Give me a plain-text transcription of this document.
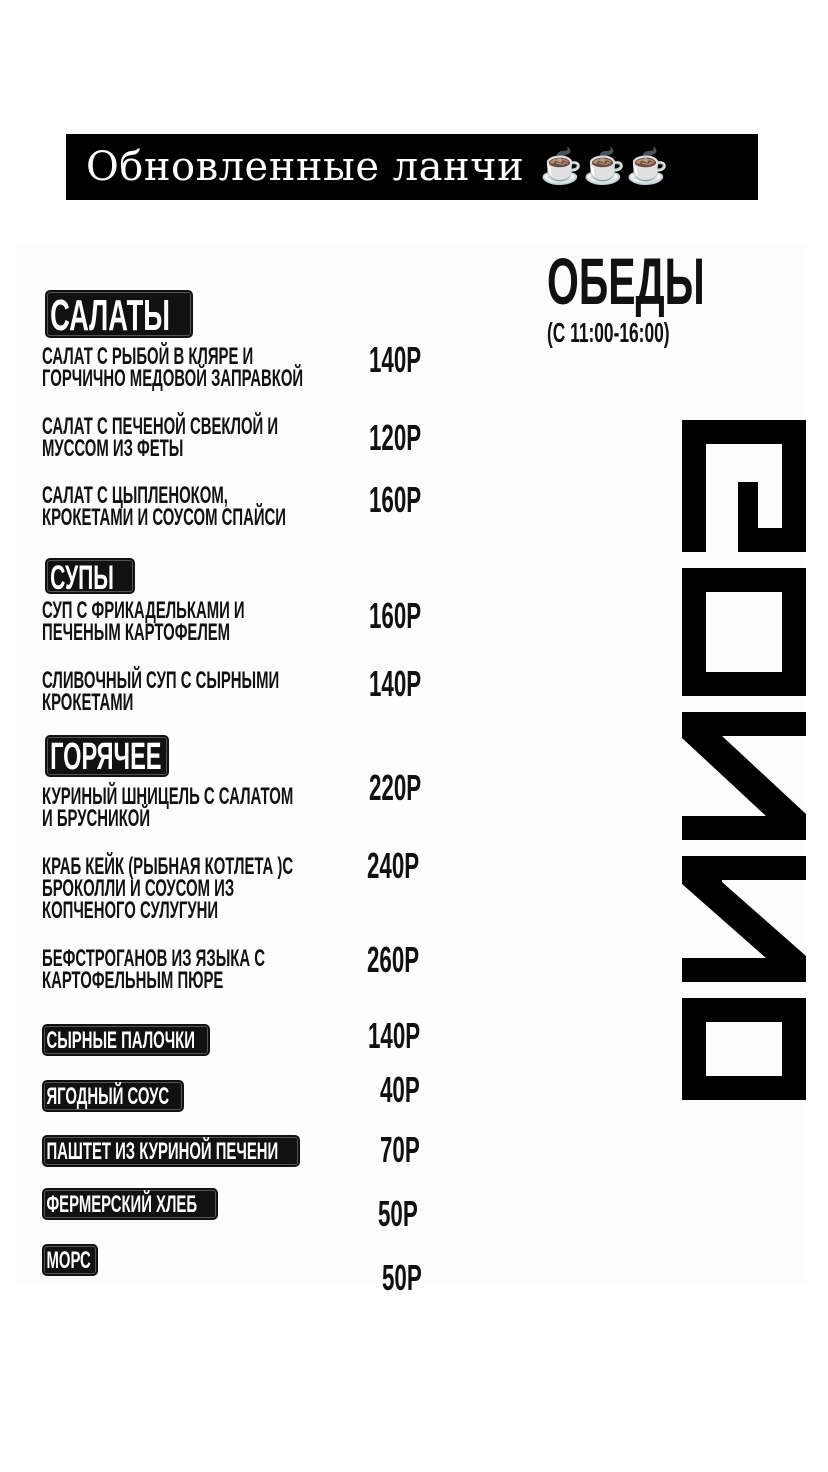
Обновленные ланчи ☕☕☕
ОБЕДЫ
(С 11:00-16:00)
САЛАТЫ
СУПЫ
ГОРЯЧЕЕ
САЛАТ С РЫБОЙ В КЛЯРЕ И
ГОРЧИЧНО МЕДОВОЙ ЗАПРАВКОЙ 140Р
САЛАТ С ПЕЧЕНОЙ СВЕКЛОЙ И
МУССОМ ИЗ ФЕТЫ	120Р
САЛАТ С ЦЫПЛЕНОКОМ,
КРОКЕТАМИ И СОУСОМ СПАЙСИ 160Р
СУП С ФРИКАДЕЛЬКАМИ И
ПЕЧЕНЫМ КАРТОФЕЛЕМ	160Р
СЛИВОЧНЫЙ СУП С СЫРНЫМИ
КРОКЕТАМИ	140Р
КУРИНЫЙ ШНИЦЕЛЬ С САЛАТОМ
И БРУСНИКОЙ
220Р
КРАБ КЕЙК (РЫБНАЯ КОТЛЕТА )С
БРОКОЛЛИ И СОУСОМ ИЗ
КОПЧЕНОГО СУЛУГУНИ
240Р
БЕФСТРОГАНОВ ИЗ ЯЗЫКА С
КАРТОФЕЛЬНЫМ ПЮРЕ
260Р
СЫРНЫЕ ПАЛОЧКИ	140Р
ЯГОДНЫЙ СОУС	40Р
ПАШТЕТ ИЗ КУРИНОЙ ПЕЧЕНИ	70Р
ФЕРМЕРСКИЙ ХЛЕБ	50Р
МОРС	50Р
